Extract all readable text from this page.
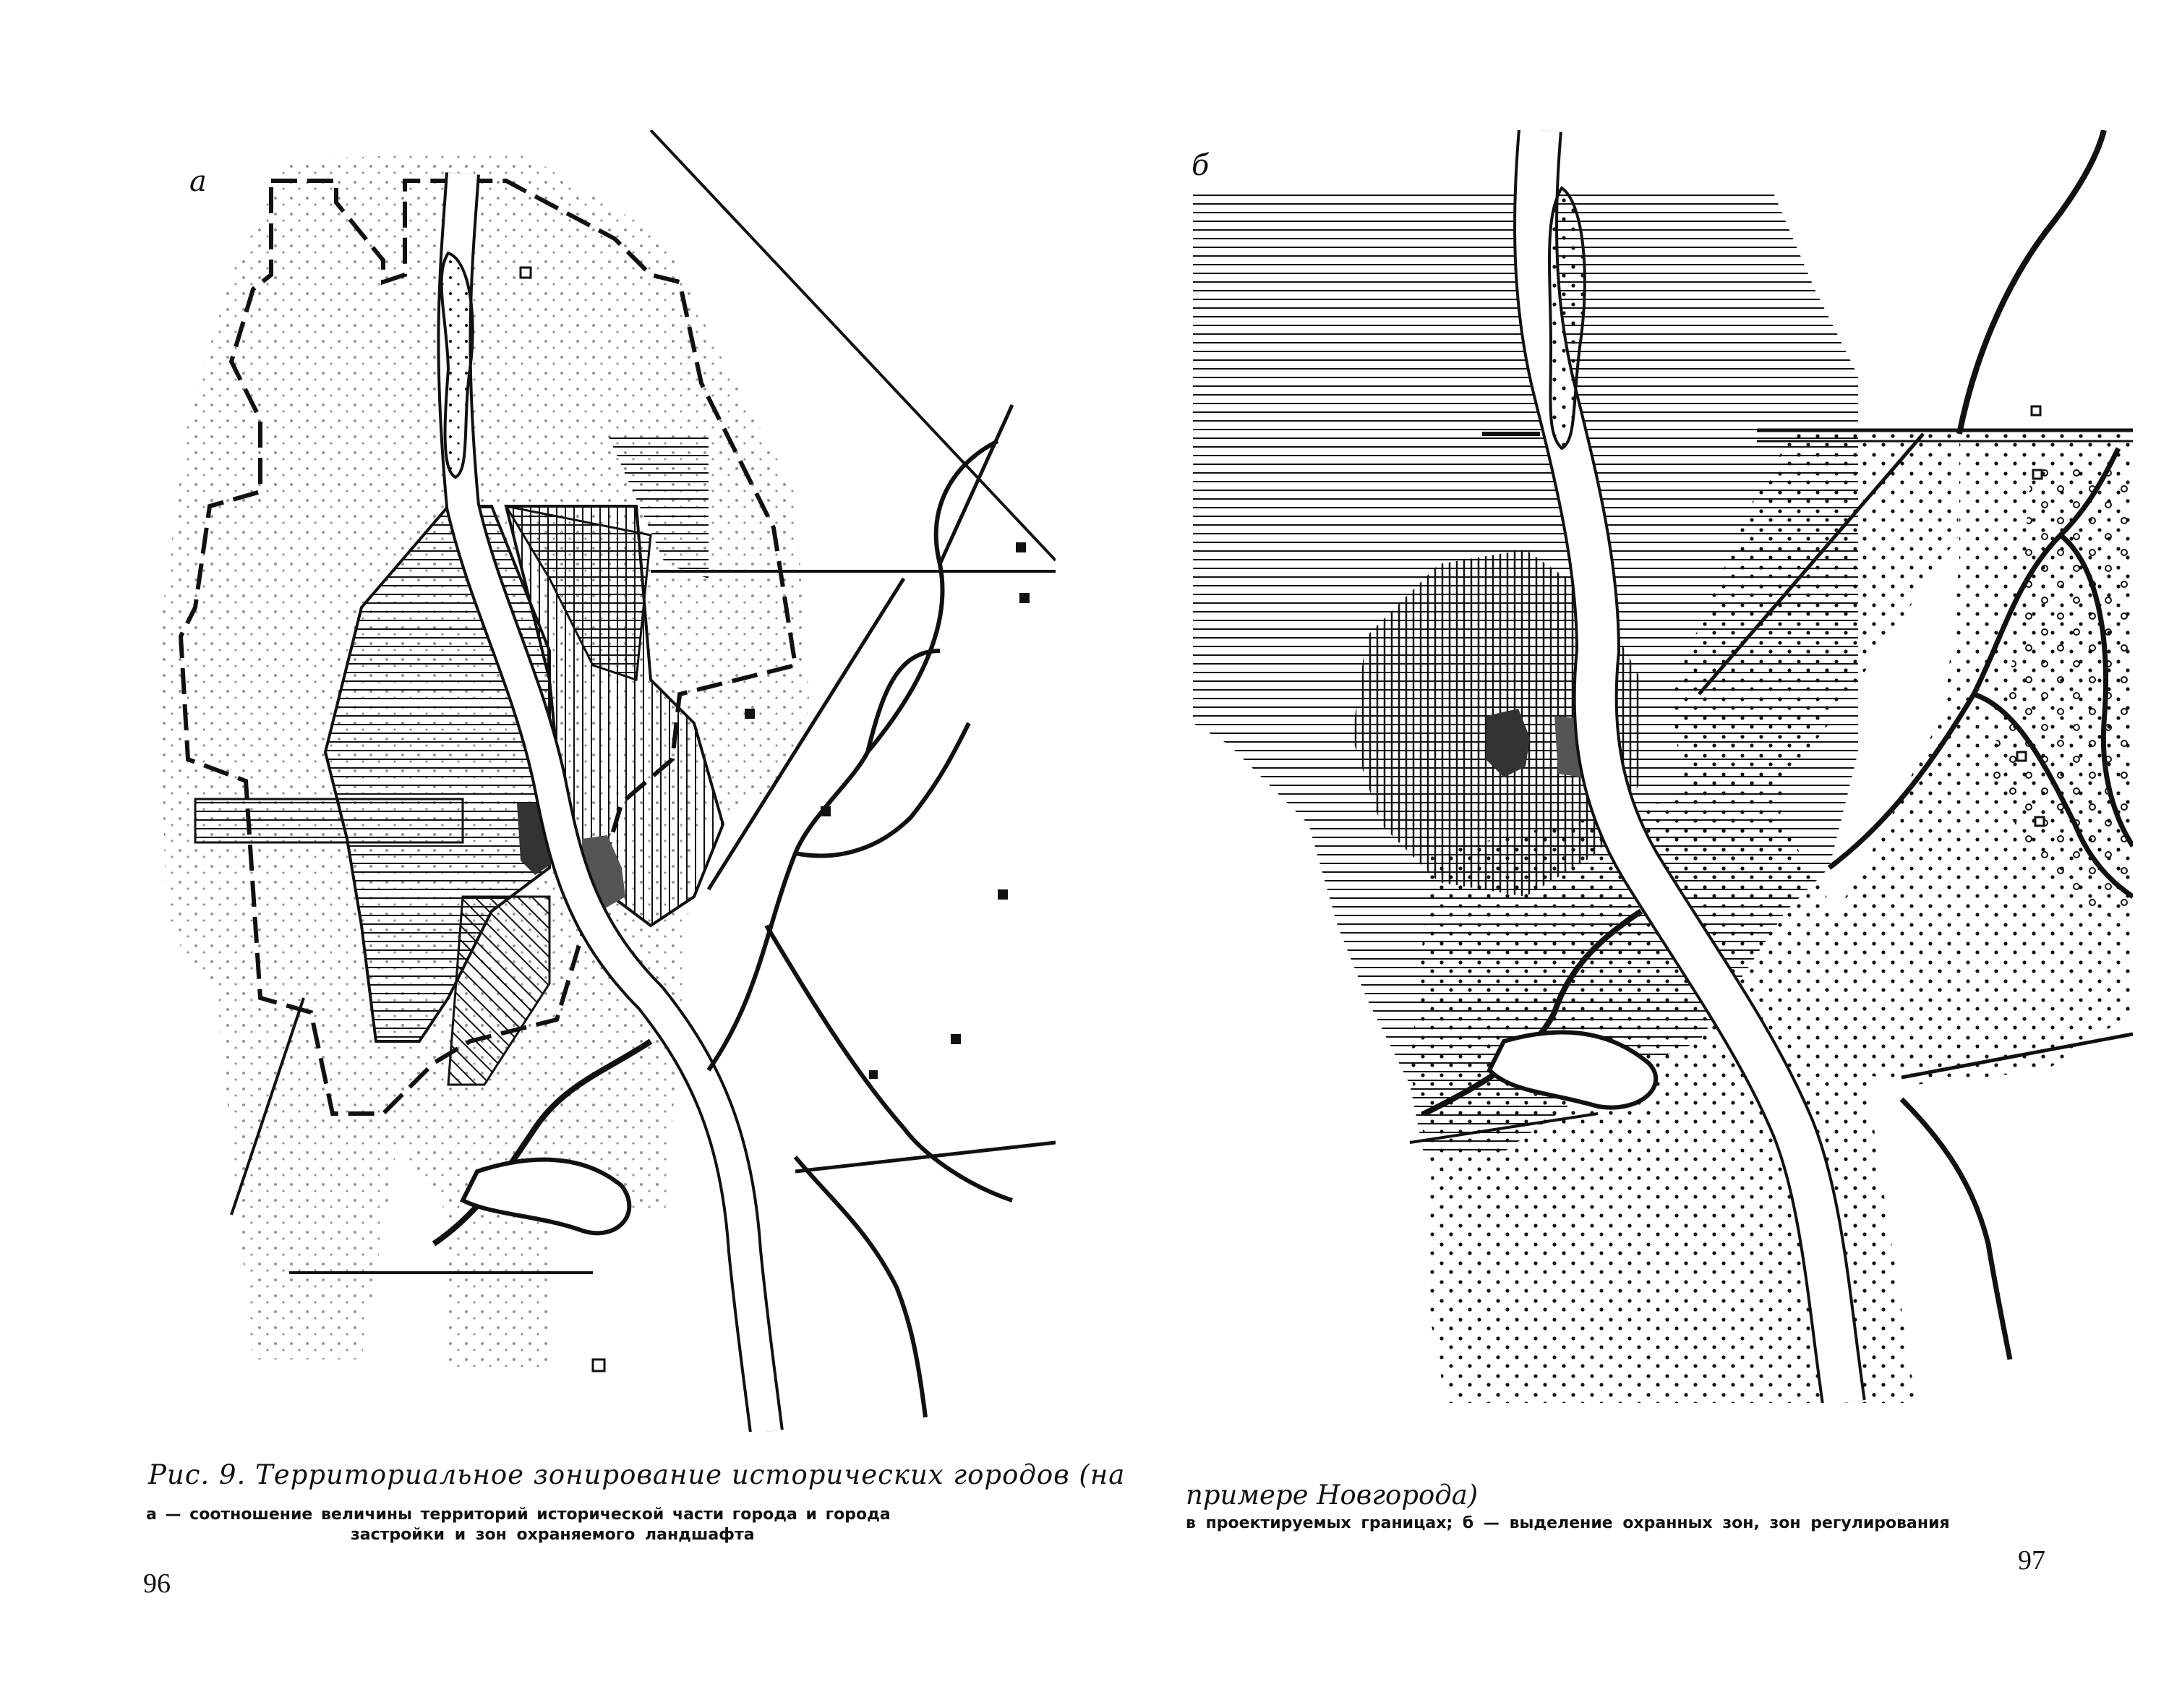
a
Рис. 9. Территориальное зонирование исторических городов (на
а — соотношение величины территорий исторической части города и города
застройки и зон охраняемого ландшафта
96
б
примере Новгорода)
в проектируемых границах; б — выделение охранных зон, зон регулирования
97
